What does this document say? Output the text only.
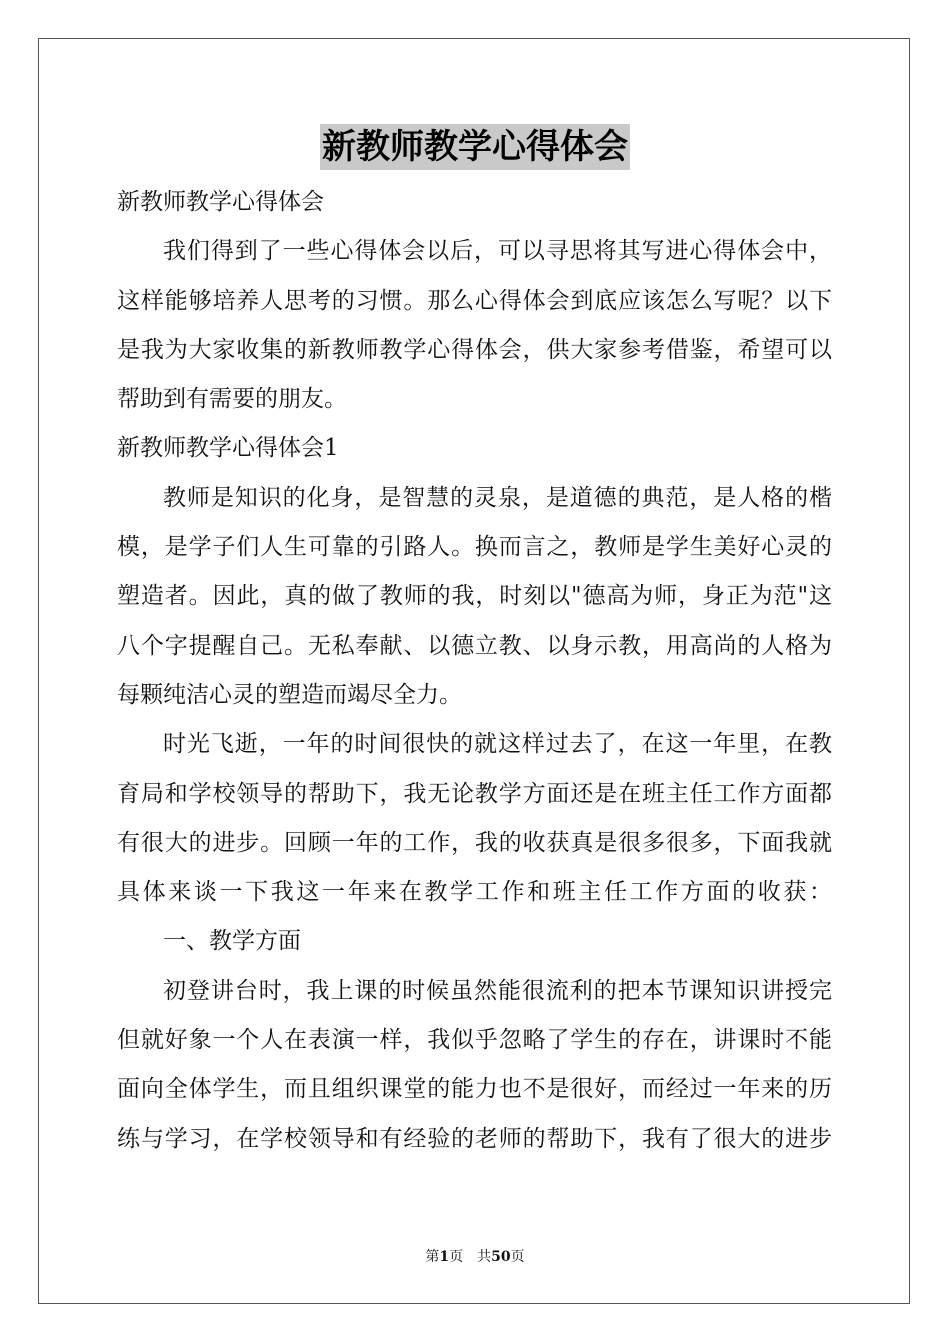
新教师教学心得体会
新教师教学心得体会
我们得到了一些心得体会以后，可以寻思将其写进心得体会中，
这样能够培养人思考的习惯。那么心得体会到底应该怎么写呢？以下
是我为大家收集的新教师教学心得体会，供大家参考借鉴，希望可以
帮助到有需要的朋友。
新教师教学心得体会1
教师是知识的化身，是智慧的灵泉，是道德的典范，是人格的楷
模，是学子们人生可靠的引路人。换而言之，教师是学生美好心灵的
塑造者。因此，真的做了教师的我，时刻以"德高为师，身正为范"这
八个字提醒自己。无私奉献、以德立教、以身示教，用高尚的人格为
每颗纯洁心灵的塑造而竭尽全力。
时光飞逝，一年的时间很快的就这样过去了，在这一年里，在教
育局和学校领导的帮助下，我无论教学方面还是在班主任工作方面都
有很大的进步。回顾一年的工作，我的收获真是很多很多，下面我就
具体来谈一下我这一年来在教学工作和班主任工作方面的收获：
一、教学方面
初登讲台时，我上课的时候虽然能很流利的把本节课知识讲授完
但就好象一个人在表演一样，我似乎忽略了学生的存在，讲课时不能
面向全体学生，而且组织课堂的能力也不是很好，而经过一年来的历
练与学习，在学校领导和有经验的老师的帮助下，我有了很大的进步
第1页　共50页
